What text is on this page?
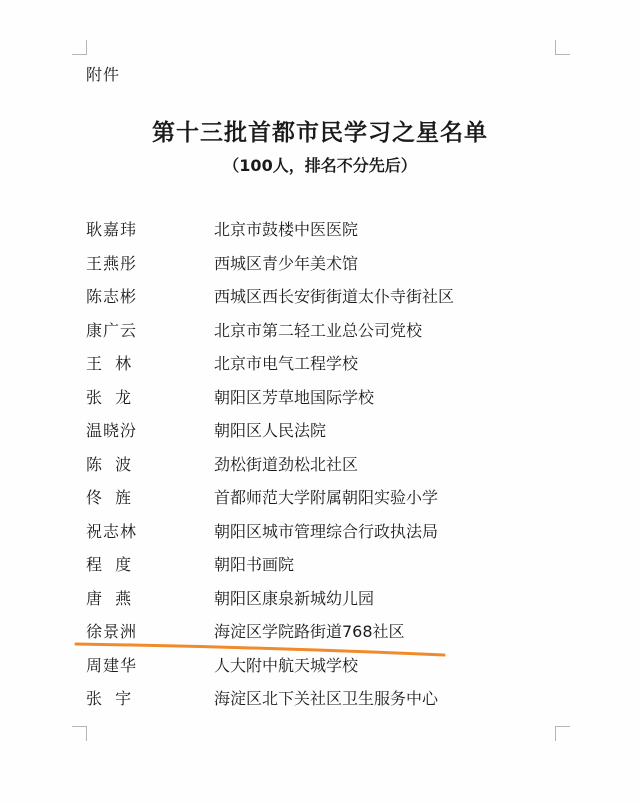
附件
第十三批首都市民学习之星名单
（100人，排名不分先后）
耿嘉玮	北京市鼓楼中医医院
王燕彤	西城区青少年美术馆
陈志彬	西城区西长安街街道太仆寺街社区
康广云	北京市第二轻工业总公司党校
王  林	北京市电气工程学校
张  龙	朝阳区芳草地国际学校
温晓汾	朝阳区人民法院
陈  波	劲松街道劲松北社区
佟  旌	首都师范大学附属朝阳实验小学
祝志林	朝阳区城市管理综合行政执法局
程  度	朝阳书画院
唐  燕	朝阳区康泉新城幼儿园
徐景洲	海淀区学院路街道768社区
周建华	人大附中航天城学校
张  宇	海淀区北下关社区卫生服务中心
